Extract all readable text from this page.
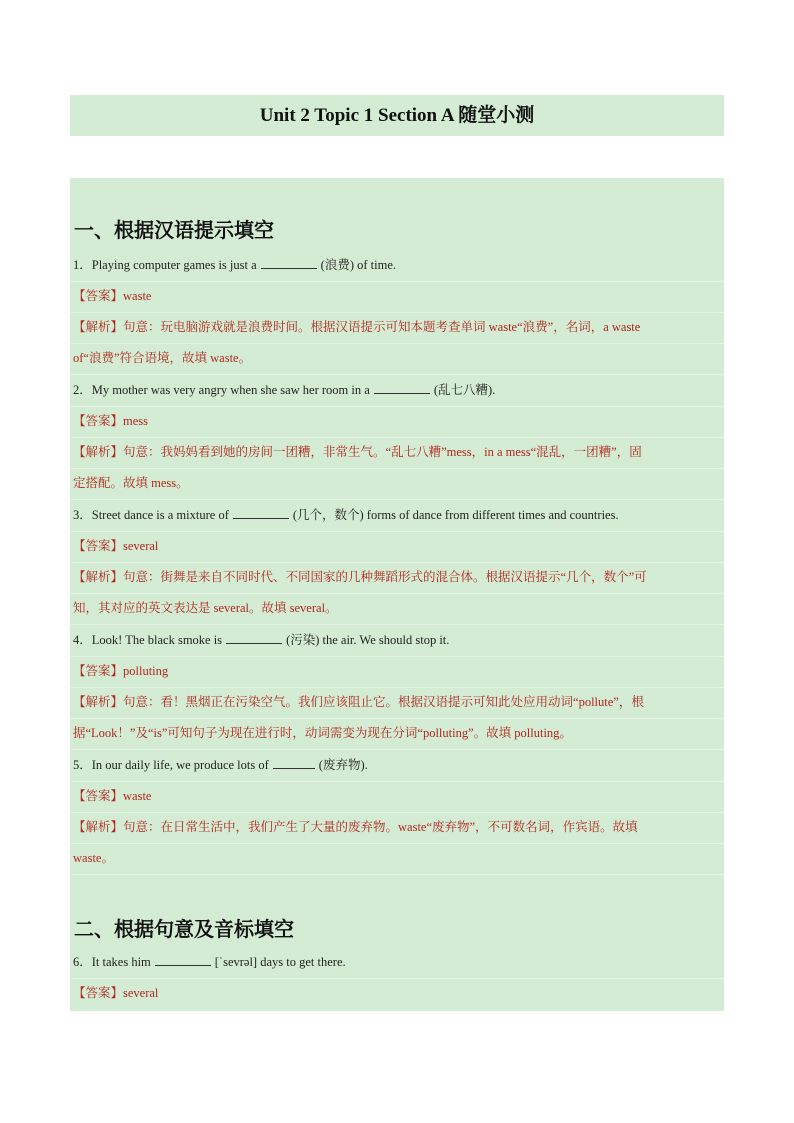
Unit 2 Topic 1 Section A 随堂小测
一、根据汉语提示填空
1．Playing computer games is just a	(浪费) of time.
【答案】waste
【解析】句意：玩电脑游戏就是浪费时间。根据汉语提示可知本题考查单词 waste“浪费”，名词，a waste
of“浪费”符合语境，故填 waste。
2．My mother was very angry when she saw her room in a	(乱七八糟).
【答案】mess
【解析】句意：我妈妈看到她的房间一团糟，非常生气。“乱七八糟”mess，in a mess“混乱，一团糟”，固
定搭配。故填 mess。
3．Street dance is a mixture of	(几个，数个) forms of dance from different times and countries.
【答案】several
【解析】句意：街舞是来自不同时代、不同国家的几种舞蹈形式的混合体。根据汉语提示“几个，数个”可
知，其对应的英文表达是 several。故填 several。
4．Look! The black smoke is	(污染) the air. We should stop it.
【答案】polluting
【解析】句意：看！黑烟正在污染空气。我们应该阻止它。根据汉语提示可知此处应用动词“pollute”，根
据“Look！”及“is”可知句子为现在进行时，动词需变为现在分词“polluting”。故填 polluting。
5．In our daily life, we produce lots of	(废弃物).
【答案】waste
【解析】句意：在日常生活中，我们产生了大量的废弃物。waste“废弃物”，不可数名词，作宾语。故填
waste。
二、根据句意及音标填空
6．It takes him	[ˈsevrəl] days to get there.
【答案】several
